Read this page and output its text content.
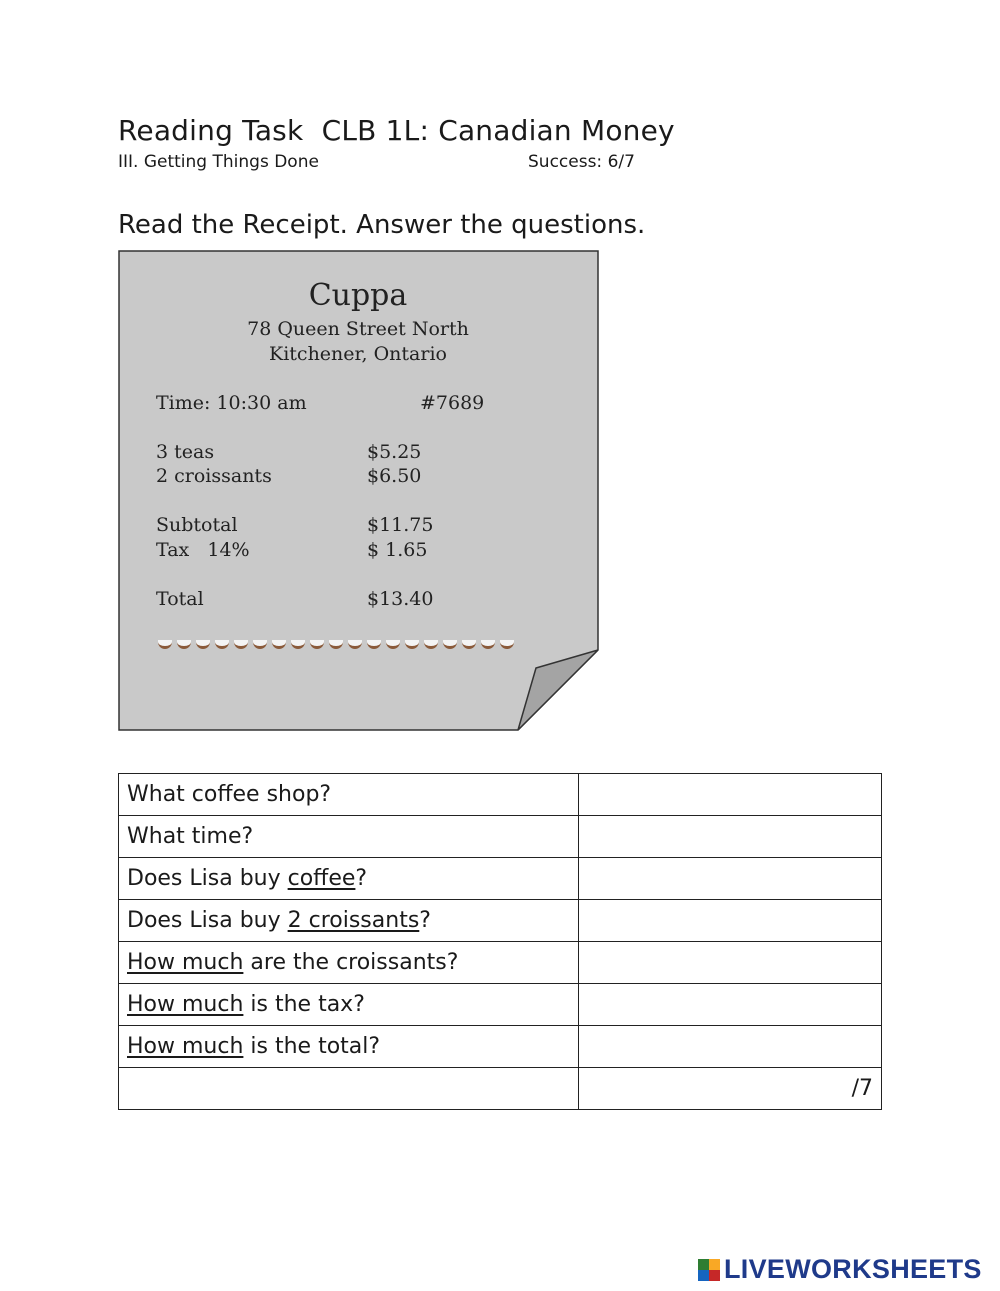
Reading Task  CLB 1L: Canadian Money
III. Getting Things Done	Success: 6/7
Read the Receipt. Answer the questions.
Cuppa
78 Queen Street North
Kitchener, Ontario
Time: 10:30 am	#7689
3 teas	$5.25
2 croissants	$6.50
Subtotal	$11.75
Tax   14%	$ 1.65
Total	$13.40
What coffee shop?	
What time?	
Does Lisa buy coffee?	
Does Lisa buy 2 croissants?	
How much are the croissants?	
How much is the tax?	
How much is the total?	
	/7
LIVEWORKSHEETS
